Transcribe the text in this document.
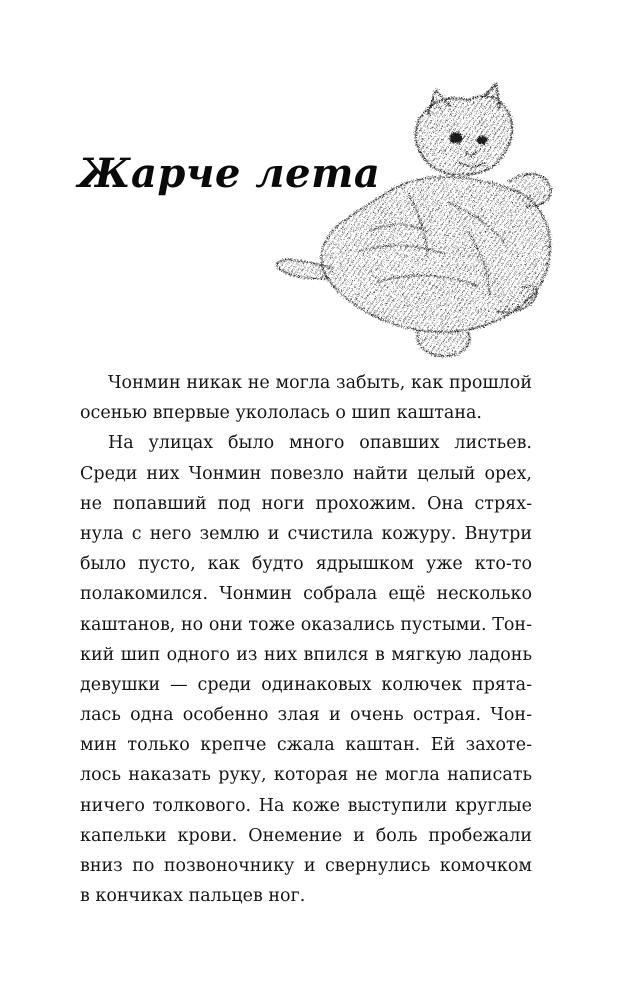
Жарче лета
Чонмин никак не могла забыть, как прошлой
осенью впервые укололась о шип каштана.
На улицах было много опавших листьев.
Среди них Чонмин повезло найти целый орех,
не попавший под ноги прохожим. Она стрях-
нула с него землю и счистила кожуру. Внутри
было пусто, как будто ядрышком уже кто-то
полакомился. Чонмин собрала ещё несколько
каштанов, но они тоже оказались пустыми. Тон-
кий шип одного из них впился в мягкую ладонь
девушки — среди одинаковых колючек прята-
лась одна особенно злая и очень острая. Чон-
мин только крепче сжала каштан. Ей захоте-
лось наказать руку, которая не могла написать
ничего толкового. На коже выступили круглые
капельки крови. Онемение и боль пробежали
вниз по позвоночнику и свернулись комочком
в кончиках пальцев ног.
